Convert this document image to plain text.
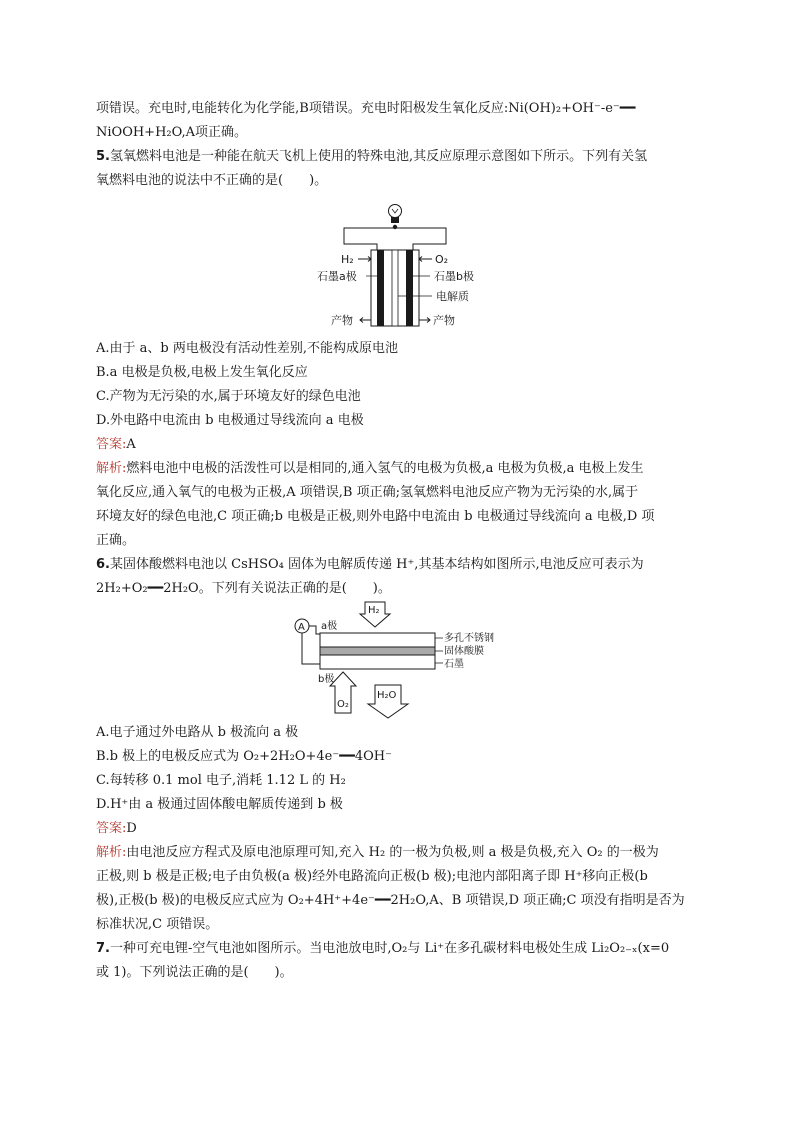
项错误。充电时,电能转化为化学能,B项错误。充电时阳极发生氧化反应:Ni(OH)₂+OH⁻-e⁻━━
NiOOH+H₂O,A项正确。
5.氢氧燃料电池是一种能在航天飞机上使用的特殊电池,其反应原理示意图如下所示。下列有关氢
氧燃料电池的说法中不正确的是(　　)。
H₂	O₂
石墨a极	石墨b极
电解质
产物	产物
A.由于 a、b 两电极没有活动性差别,不能构成原电池
B.a 电极是负极,电极上发生氧化反应
C.产物为无污染的水,属于环境友好的绿色电池
D.外电路中电流由 b 电极通过导线流向 a 电极
答案:A
解析:燃料电池中电极的活泼性可以是相同的,通入氢气的电极为负极,a 电极为负极,a 电极上发生
氧化反应,通入氧气的电极为正极,A 项错误,B 项正确;氢氧燃料电池反应产物为无污染的水,属于
环境友好的绿色电池,C 项正确;b 电极是正极,则外电路中电流由 b 电极通过导线流向 a 电极,D 项
正确。
6.某固体酸燃料电池以 CsHSO₄ 固体为电解质传递 H⁺,其基本结构如图所示,电池反应可表示为
2H₂+O₂━━2H₂O。下列有关说法正确的是(　　)。
H₂
A
多孔不锈钢
固体酸膜
石墨
a极
b极
O₂
H₂O
A.电子通过外电路从 b 极流向 a 极
B.b 极上的电极反应式为 O₂+2H₂O+4e⁻━━4OH⁻
C.每转移 0.1 mol 电子,消耗 1.12 L 的 H₂
D.H⁺由 a 极通过固体酸电解质传递到 b 极
答案:D
解析:由电池反应方程式及原电池原理可知,充入 H₂ 的一极为负极,则 a 极是负极,充入 O₂ 的一极为
正极,则 b 极是正极;电子由负极(a 极)经外电路流向正极(b 极);电池内部阳离子即 H⁺移向正极(b
极),正极(b 极)的电极反应式应为 O₂+4H⁺+4e⁻━━2H₂O,A、B 项错误,D 项正确;C 项没有指明是否为
标准状况,C 项错误。
7.一种可充电锂-空气电池如图所示。当电池放电时,O₂与 Li⁺在多孔碳材料电极处生成 Li₂O₂₋ₓ(x=0
或 1)。下列说法正确的是(　　)。
